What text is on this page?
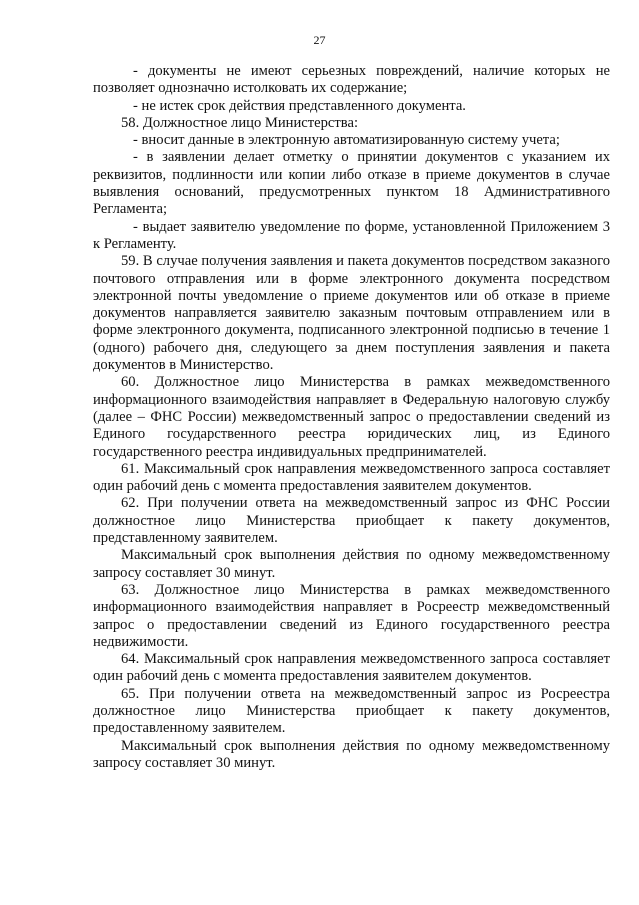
27

- документы не имеют серьезных повреждений, наличие которых не позволяет однозначно истолковать их содержание;

- не истек срок действия представленного документа.

58. Должностное лицо Министерства:

- вносит данные в электронную автоматизированную систему учета;

- в заявлении делает отметку о принятии документов с указанием их реквизитов, подлинности или копии либо отказе в приеме документов в случае выявления оснований, предусмотренных пунктом 18 Административного Регламента;

- выдает заявителю уведомление по форме, установленной Приложением 3 к Регламенту.

59. В случае получения заявления и пакета документов посредством заказного почтового отправления или в форме электронного документа посредством электронной почты уведомление о приеме документов или об отказе в приеме документов направляется заявителю заказным почтовым отправлением или в форме электронного документа, подписанного электронной подписью в течение 1 (одного) рабочего дня, следующего за днем поступления заявления и пакета документов в Министерство.

60. Должностное лицо Министерства в рамках межведомственного информационного взаимодействия направляет в Федеральную налоговую службу (далее – ФНС России) межведомственный запрос о предоставлении сведений из Единого государственного реестра юридических лиц, из Единого государственного реестра индивидуальных предпринимателей.

61. Максимальный срок направления межведомственного запроса составляет один рабочий день с момента предоставления заявителем документов.

62. При получении ответа на межведомственный запрос из ФНС России должностное лицо Министерства приобщает к пакету документов, представленному заявителем.

Максимальный срок выполнения действия по одному межведомственному запросу составляет 30 минут.

63. Должностное лицо Министерства в рамках межведомственного информационного взаимодействия направляет в Росреестр межведомственный запрос о предоставлении сведений из Единого государственного реестра недвижимости.

64. Максимальный срок направления межведомственного запроса составляет один рабочий день с момента предоставления заявителем документов.

65. При получении ответа на межведомственный запрос из Росреестра должностное лицо Министерства приобщает к пакету документов, предоставленному заявителем.

Максимальный срок выполнения действия по одному межведомственному запросу составляет 30 минут.
